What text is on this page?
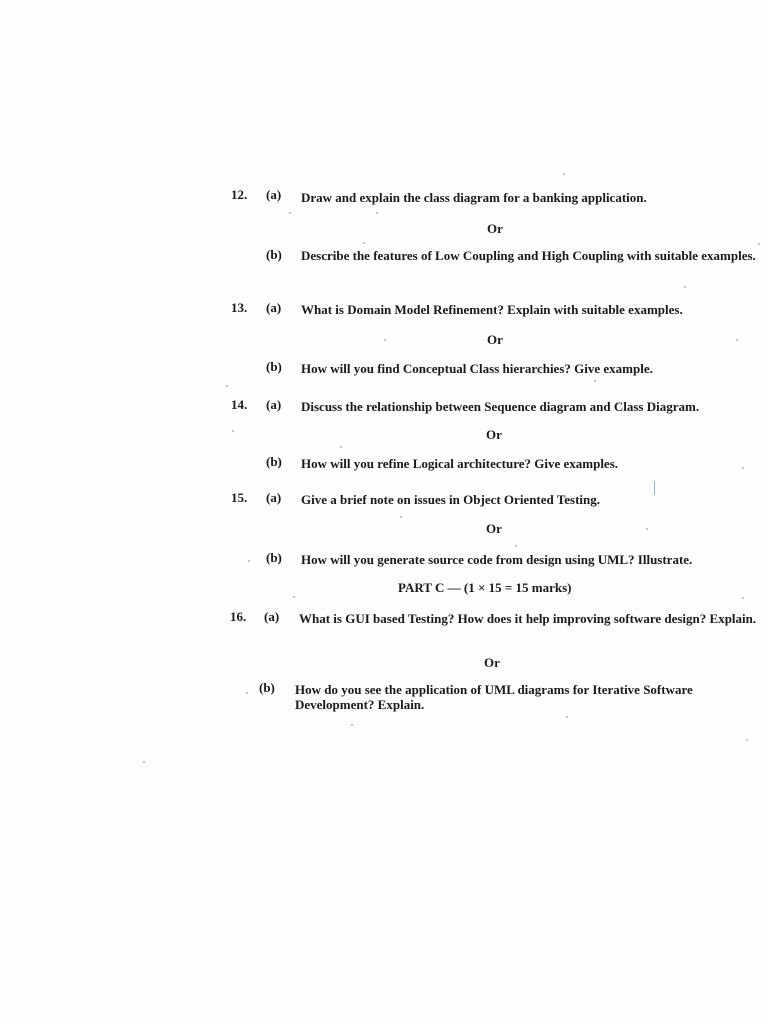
12. (a) Draw and explain the class diagram for a banking application.
Or
(b) Describe the features of Low Coupling and High Coupling with suitable examples.
13. (a) What is Domain Model Refinement? Explain with suitable examples.
Or
(b) How will you find Conceptual Class hierarchies? Give example.
14. (a) Discuss the relationship between Sequence diagram and Class Diagram.
Or
(b) How will you refine Logical architecture? Give examples.
15. (a) Give a brief note on issues in Object Oriented Testing.
Or
(b) How will you generate source code from design using UML? Illustrate.
PART C — (1 × 15 = 15 marks)
16. (a) What is GUI based Testing? How does it help improving software design? Explain.
Or
(b) How do you see the application of UML diagrams for Iterative Software Development? Explain.
